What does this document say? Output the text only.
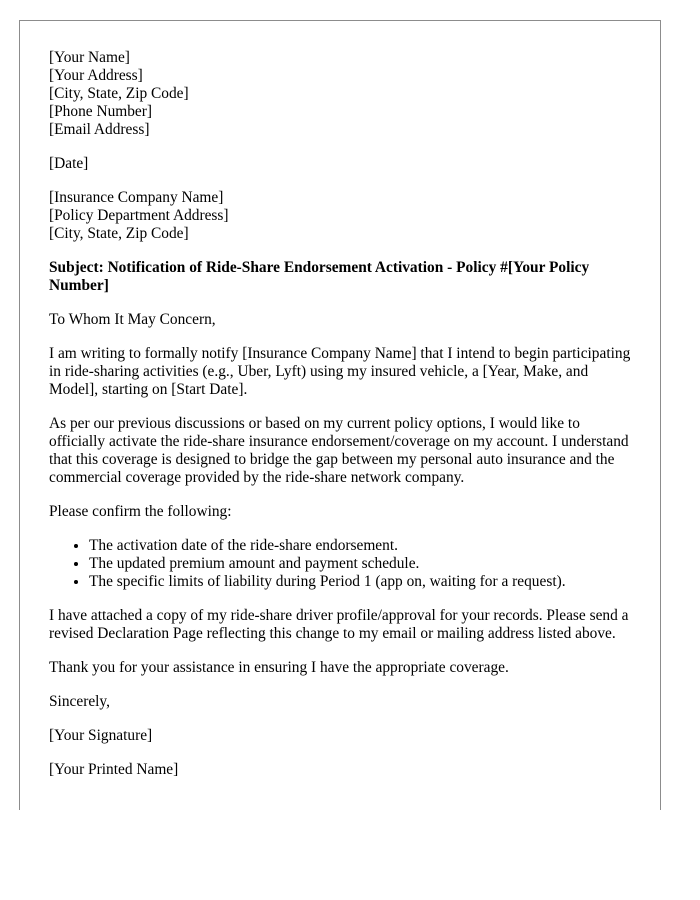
[Your Name]
[Your Address]
[City, State, Zip Code]
[Phone Number]
[Email Address]
[Date]
[Insurance Company Name]
[Policy Department Address]
[City, State, Zip Code]

Subject: Notification of Ride-Share Endorsement Activation - Policy #[Your Policy Number]

To Whom It May Concern,

I am writing to formally notify [Insurance Company Name] that I intend to begin participating in ride-sharing activities (e.g., Uber, Lyft) using my insured vehicle, a [Year, Make, and Model], starting on [Start Date].

As per our previous discussions or based on my current policy options, I would like to officially activate the ride-share insurance endorsement/coverage on my account. I understand that this coverage is designed to bridge the gap between my personal auto insurance and the commercial coverage provided by the ride-share network company.

Please confirm the following:

• The activation date of the ride-share endorsement.
• The updated premium amount and payment schedule.
• The specific limits of liability during Period 1 (app on, waiting for a request).

I have attached a copy of my ride-share driver profile/approval for your records. Please send a revised Declaration Page reflecting this change to my email or mailing address listed above.

Thank you for your assistance in ensuring I have the appropriate coverage.

Sincerely,

[Your Signature]

[Your Printed Name]
